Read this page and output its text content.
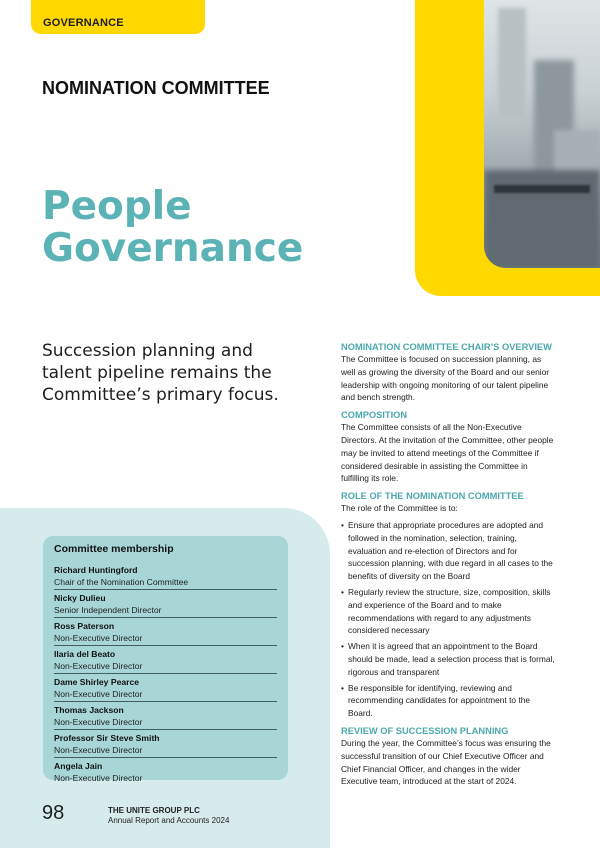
GOVERNANCE
NOMINATION COMMITTEE
People
Governance
Succession planning and talent pipeline remains the Committee’s primary focus.
Committee membership
Richard Huntingford
Chair of the Nomination Committee
Nicky Dulieu
Senior Independent Director
Ross Paterson
Non-Executive Director
Ilaria del Beato
Non-Executive Director
Dame Shirley Pearce
Non-Executive Director
Thomas Jackson
Non-Executive Director
Professor Sir Steve Smith
Non-Executive Director
Angela Jain
Non-Executive Director
NOMINATION COMMITTEE CHAIR’S OVERVIEW

The Committee is focused on succession planning, as well as growing the diversity of the Board and our senior leadership with ongoing monitoring of our talent pipeline and bench strength.

COMPOSITION

The Committee consists of all the Non-Executive Directors. At the invitation of the Committee, other people may be invited to attend meetings of the Committee if considered desirable in assisting the Committee in fulfilling its role.

ROLE OF THE NOMINATION COMMITTEE

The role of the Committee is to:

• Ensure that appropriate procedures are adopted and followed in the nomination, selection, training, evaluation and re-election of Directors and for succession planning, with due regard in all cases to the benefits of diversity on the Board
• Regularly review the structure, size, composition, skills and experience of the Board and to make recommendations with regard to any adjustments considered necessary
• When it is agreed that an appointment to the Board should be made, lead a selection process that is formal, rigorous and transparent
• Be responsible for identifying, reviewing and recommending candidates for appointment to the Board.
REVIEW OF SUCCESSION PLANNING

During the year, the Committee’s focus was ensuring the successful transition of our Chief Executive Officer and Chief Financial Officer, and changes in the wider Executive team, introduced at the start of 2024.

98	THE UNITE GROUP PLC
Annual Report and Accounts 2024
